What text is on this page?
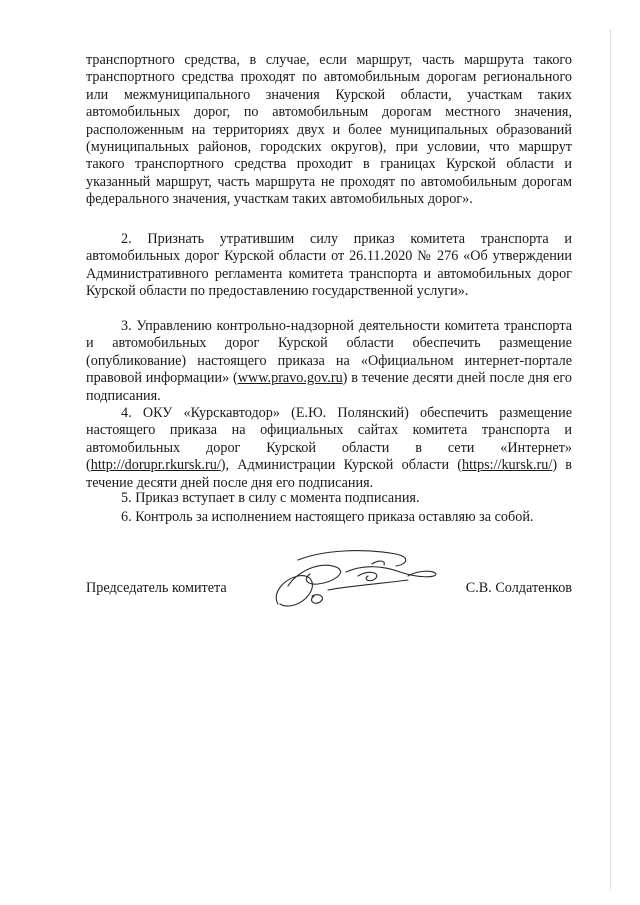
транспортного средства, в случае, если маршрут, часть маршрута такого транспортного средства проходят по автомобильным дорогам регионального или межмуниципального значения Курской области, участкам таких автомобильных дорог, по автомобильным дорогам местного значения, расположенным на территориях двух и более муниципальных образований (муниципальных районов, городских округов), при условии, что маршрут такого транспортного средства проходит в границах Курской области и указанный маршрут, часть маршрута не проходят по автомобильным дорогам федерального значения, участкам таких автомобильных дорог».

2. Признать утратившим силу приказ комитета транспорта и автомобильных дорог Курской области от 26.11.2020 № 276 «Об утверждении Административного регламента комитета транспорта и автомобильных дорог Курской области по предоставлению государственной услуги».

3. Управлению контрольно-надзорной деятельности комитета транспорта и автомобильных дорог Курской области обеспечить размещение (опубликование) настоящего приказа на «Официальном интернет-портале правовой информации» (www.pravo.gov.ru) в течение десяти дней после дня его подписания.

4. ОКУ «Курскавтодор» (Е.Ю. Полянский) обеспечить размещение настоящего приказа на официальных сайтах комитета транспорта и автомобильных дорог Курской области в сети «Интернет» (http://dorupr.rkursk.ru/), Администрации Курской области (https://kursk.ru/) в течение десяти дней после дня его подписания.

5. Приказ вступает в силу с момента подписания.

6. Контроль за исполнением настоящего приказа оставляю за собой.

Председатель комитета	С.В. Солдатенков
